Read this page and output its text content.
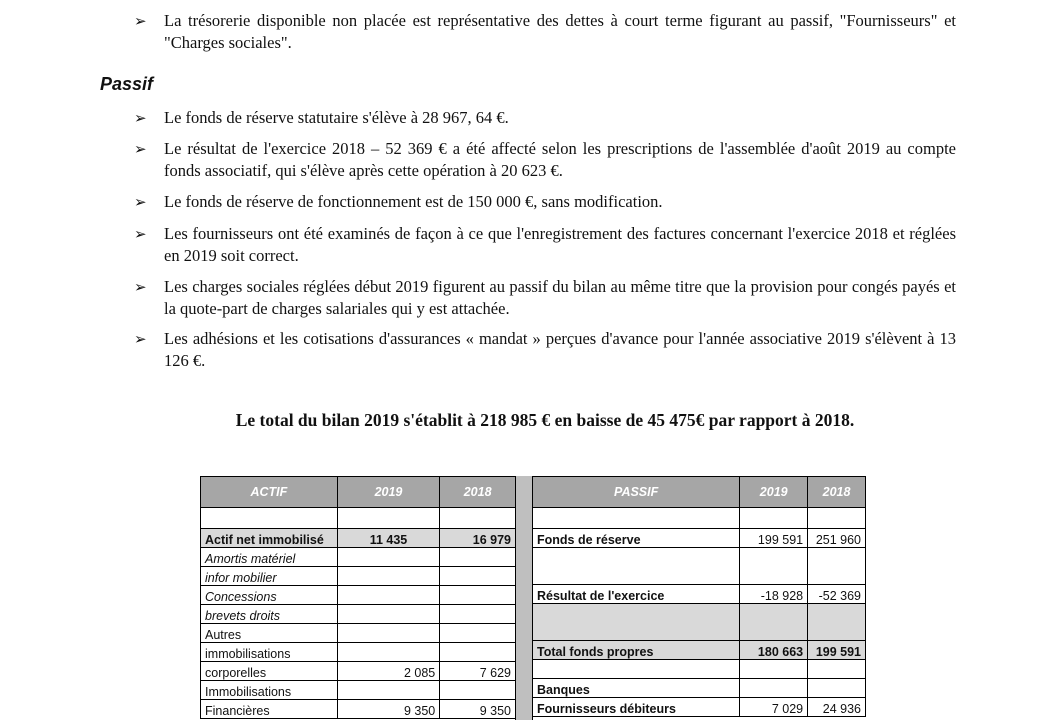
➢ La trésorerie disponible non placée est représentative des dettes à court terme figurant au passif, "Fournisseurs" et "Charges sociales".
Passif
➢ Le fonds de réserve statutaire s'élève à 28 967, 64 €.
➢ Le résultat de l'exercice 2018 – 52 369 € a été affecté selon les prescriptions de l'assemblée d'août 2019 au compte fonds associatif, qui s'élève après cette opération à 20 623 €.
➢ Le fonds de réserve de fonctionnement est de 150 000 €, sans modification.
➢ Les fournisseurs ont été examinés de façon à ce que l'enregistrement des factures concernant l'exercice 2018 et réglées en 2019 soit correct.
➢ Les charges sociales réglées début 2019 figurent au passif du bilan au même titre que la provision pour congés payés et la quote-part de charges salariales qui y est attachée.
➢ Les adhésions et les cotisations d'assurances « mandat » perçues d'avance pour l'année associative 2019 s'élèvent à 13 126 €.
Le total du bilan 2019 s'établit à 218 985 € en baisse de 45 475€ par rapport à 2018.
ACTIF	2019	2018

Actif net immobilisé	11 435	16 979
Amortis matériel		
infor mobilier		
Concessions		
brevets droits		
Autres		
immobilisations		
corporelles	2 085	7 629
Immobilisations		
Financières	9 350	9 350
PASSIF	2019	2018

Fonds de réserve	199 591	251 960

Résultat de l'exercice	-18 928	-52 369

Total fonds propres	180 663	199 591

Banques		
Fournisseurs débiteurs	7 029	24 936
